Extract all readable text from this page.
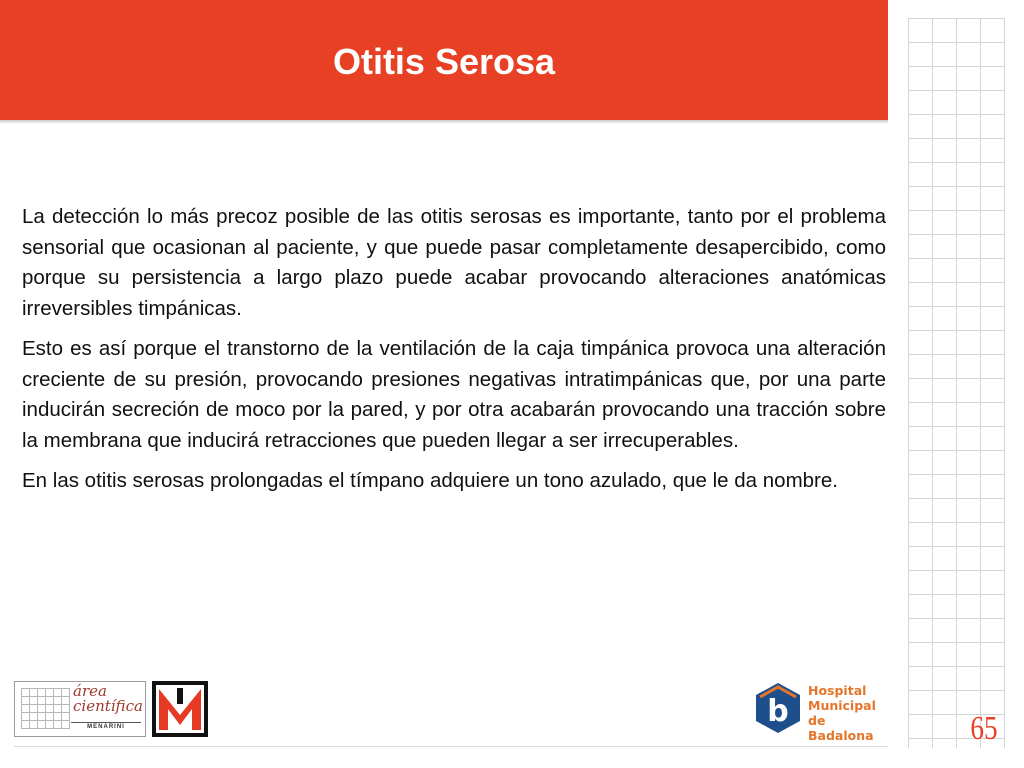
Otitis Serosa

La detección lo más precoz posible de las otitis serosas es importante, tanto por el problema sensorial que ocasionan al paciente, y que puede pasar completamente desapercibido, como porque su persistencia a largo plazo puede acabar provocando alteraciones anatómicas irreversibles timpánicas.

Esto es así porque el transtorno de la ventilación de la caja timpánica provoca una alteración creciente de su presión, provocando presiones negativas intratimpánicas que, por una parte inducirán secreción de moco por la pared, y por otra acabarán provocando una tracción sobre la membrana que inducirá retracciones que pueden llegar a ser irrecuperables.

En las otitis serosas prolongadas el tímpano adquiere un tono azulado, que le da nombre.

área
científica
MENARINI	b
Hospital
Municipal
de Badalona	65
